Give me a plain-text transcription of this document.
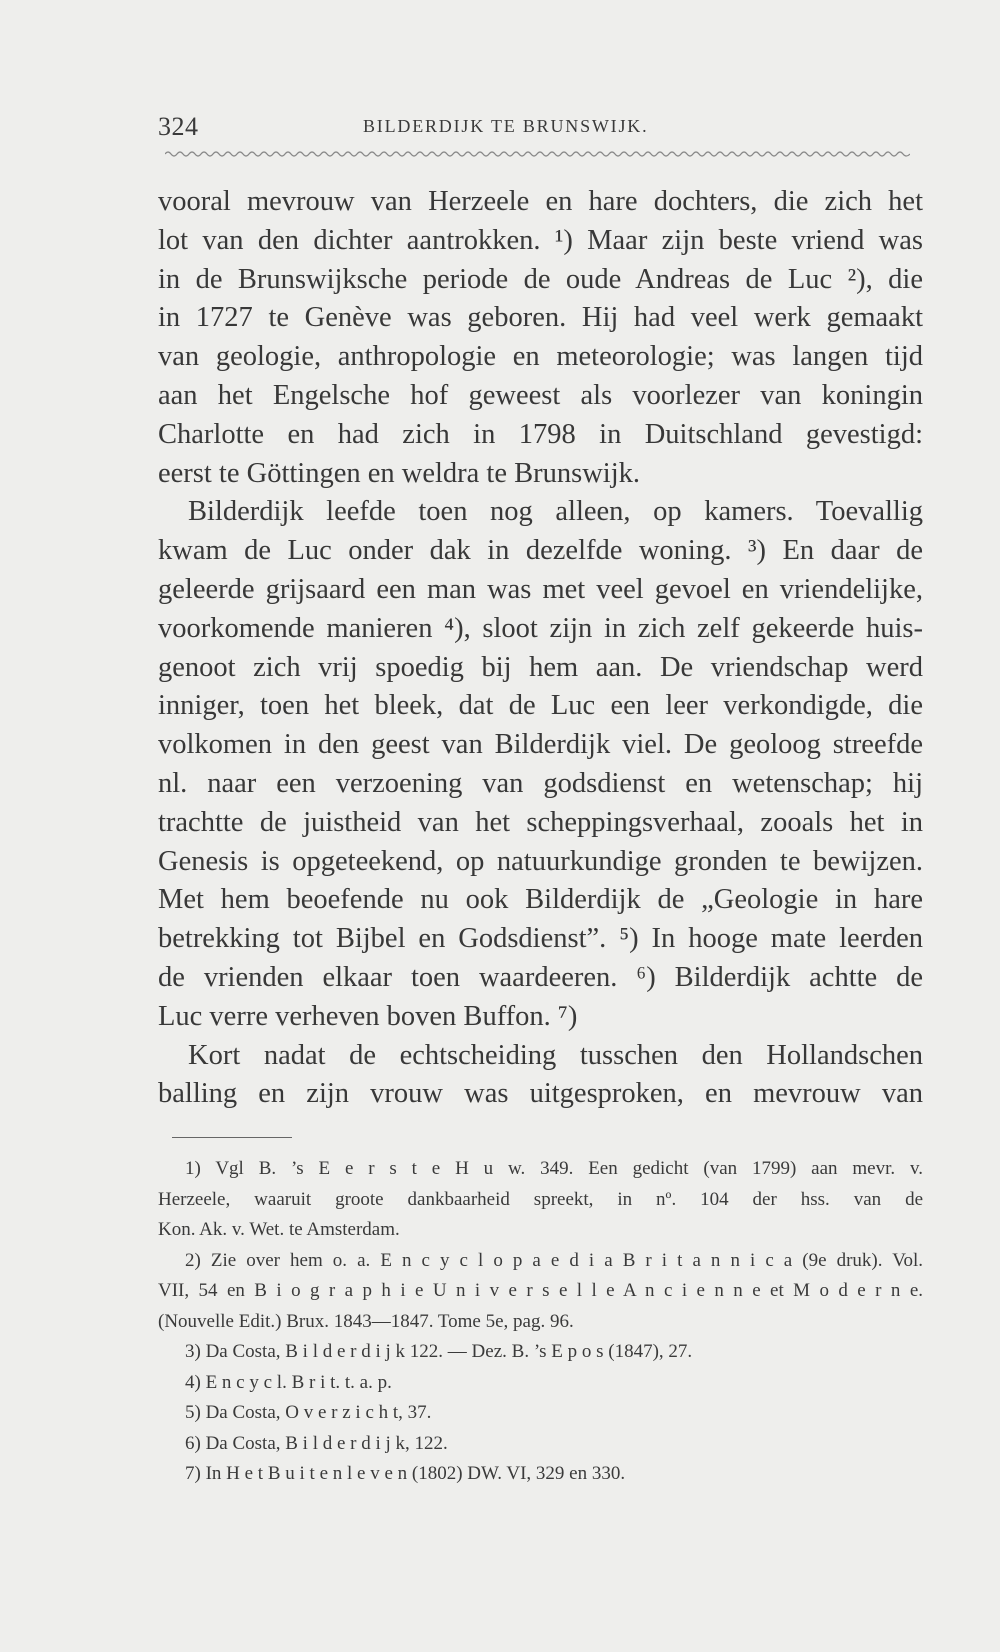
324	BILDERDIJK TE BRUNSWIJK.
vooral mevrouw van Herzeele en hare dochters, die zich het
lot van den dichter aantrokken. ¹) Maar zijn beste vriend was
in de Brunswijksche periode de oude Andreas de Luc ²), die
in 1727 te Genève was geboren. Hij had veel werk gemaakt
van geologie, anthropologie en meteorologie; was langen tijd
aan het Engelsche hof geweest als voorlezer van koningin
Charlotte en had zich in 1798 in Duitschland gevestigd:
eerst te Göttingen en weldra te Brunswijk.
Bilderdijk leefde toen nog alleen, op kamers. Toevallig
kwam de Luc onder dak in dezelfde woning. ³) En daar de
geleerde grijsaard een man was met veel gevoel en vriendelijke,
voorkomende manieren ⁴), sloot zijn in zich zelf gekeerde huis-
genoot zich vrij spoedig bij hem aan. De vriendschap werd
inniger, toen het bleek, dat de Luc een leer verkondigde, die
volkomen in den geest van Bilderdijk viel. De geoloog streefde
nl. naar een verzoening van godsdienst en wetenschap; hij
trachtte de juistheid van het scheppingsverhaal, zooals het in
Genesis is opgeteekend, op natuurkundige gronden te bewijzen.
Met hem beoefende nu ook Bilderdijk de „Geologie in hare
betrekking tot Bijbel en Godsdienst”. ⁵) In hooge mate leerden
de vrienden elkaar toen waardeeren. ⁶) Bilderdijk achtte de
Luc verre verheven boven Buffon. ⁷)
Kort nadat de echtscheiding tusschen den Hollandschen
balling en zijn vrouw was uitgesproken, en mevrouw van
1) Vgl B. ’s E e r s t e H u w. 349. Een gedicht (van 1799) aan mevr. v.
Herzeele, waaruit groote dankbaarheid spreekt, in nº. 104 der hss. van de
Kon. Ak. v. Wet. te Amsterdam.
2) Zie over hem o. a. E n c y c l o p a e d i a B r i t a n n i c a (9e druk). Vol.
VII, 54 en B i o g r a p h i e U n i v e r s e l l e A n c i e n n e et M o d e r n e.
(Nouvelle Edit.) Brux. 1843—1847. Tome 5e, pag. 96.
3) Da Costa, B i l d e r d i j k 122. — Dez. B. ’s E p o s (1847), 27.
4) E n c y c l. B r i t. t. a. p.
5) Da Costa, O v e r z i c h t, 37.
6) Da Costa, B i l d e r d i j k, 122.
7) In H e t B u i t e n l e v e n (1802) DW. VI, 329 en 330.
